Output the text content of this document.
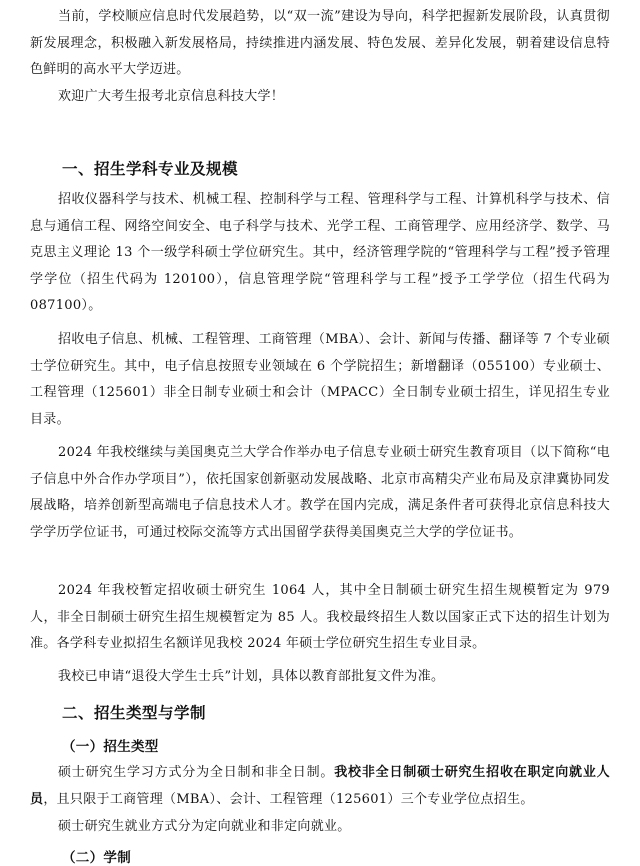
当前，学校顺应信息时代发展趋势，以“双一流”建设为导向，科学把握新发展阶段，认真贯彻新发展理念，积极融入新发展格局，持续推进内涵发展、特色发展、差异化发展，朝着建设信息特色鲜明的高水平大学迈进。

欢迎广大考生报考北京信息科技大学！

一、招生学科专业及规模

招收仪器科学与技术、机械工程、控制科学与工程、管理科学与工程、计算机科学与技术、信息与通信工程、网络空间安全、电子科学与技术、光学工程、工商管理学、应用经济学、数学、马克思主义理论 13 个一级学科硕士学位研究生。其中，经济管理学院的“管理科学与工程”授予管理学学位（招生代码为 120100），信息管理学院“管理科学与工程”授予工学学位（招生代码为 087100）。

招收电子信息、机械、工程管理、工商管理（MBA）、会计、新闻与传播、翻译等 7 个专业硕士学位研究生。其中，电子信息按照专业领域在 6 个学院招生；新增翻译（055100）专业硕士、工程管理（125601）非全日制专业硕士和会计（MPACC）全日制专业硕士招生，详见招生专业目录。

2024 年我校继续与美国奥克兰大学合作举办电子信息专业硕士研究生教育项目（以下简称“电子信息中外合作办学项目”），依托国家创新驱动发展战略、北京市高精尖产业布局及京津冀协同发展战略，培养创新型高端电子信息技术人才。教学在国内完成，满足条件者可获得北京信息科技大学学历学位证书，可通过校际交流等方式出国留学获得美国奥克兰大学的学位证书。

2024 年我校暂定招收硕士研究生 1064 人，其中全日制硕士研究生招生规模暂定为 979 人，非全日制硕士研究生招生规模暂定为 85 人。我校最终招生人数以国家正式下达的招生计划为准。各学科专业拟招生名额详见我校 2024 年硕士学位研究生招生专业目录。

我校已申请“退役大学生士兵”计划，具体以教育部批复文件为准。

二、招生类型与学制
（一）招生类型

硕士研究生学习方式分为全日制和非全日制。我校非全日制硕士研究生招收在职定向就业人员，且只限于工商管理（MBA）、会计、工程管理（125601）三个专业学位点招生。

硕士研究生就业方式分为定向就业和非定向就业。

（二）学制
